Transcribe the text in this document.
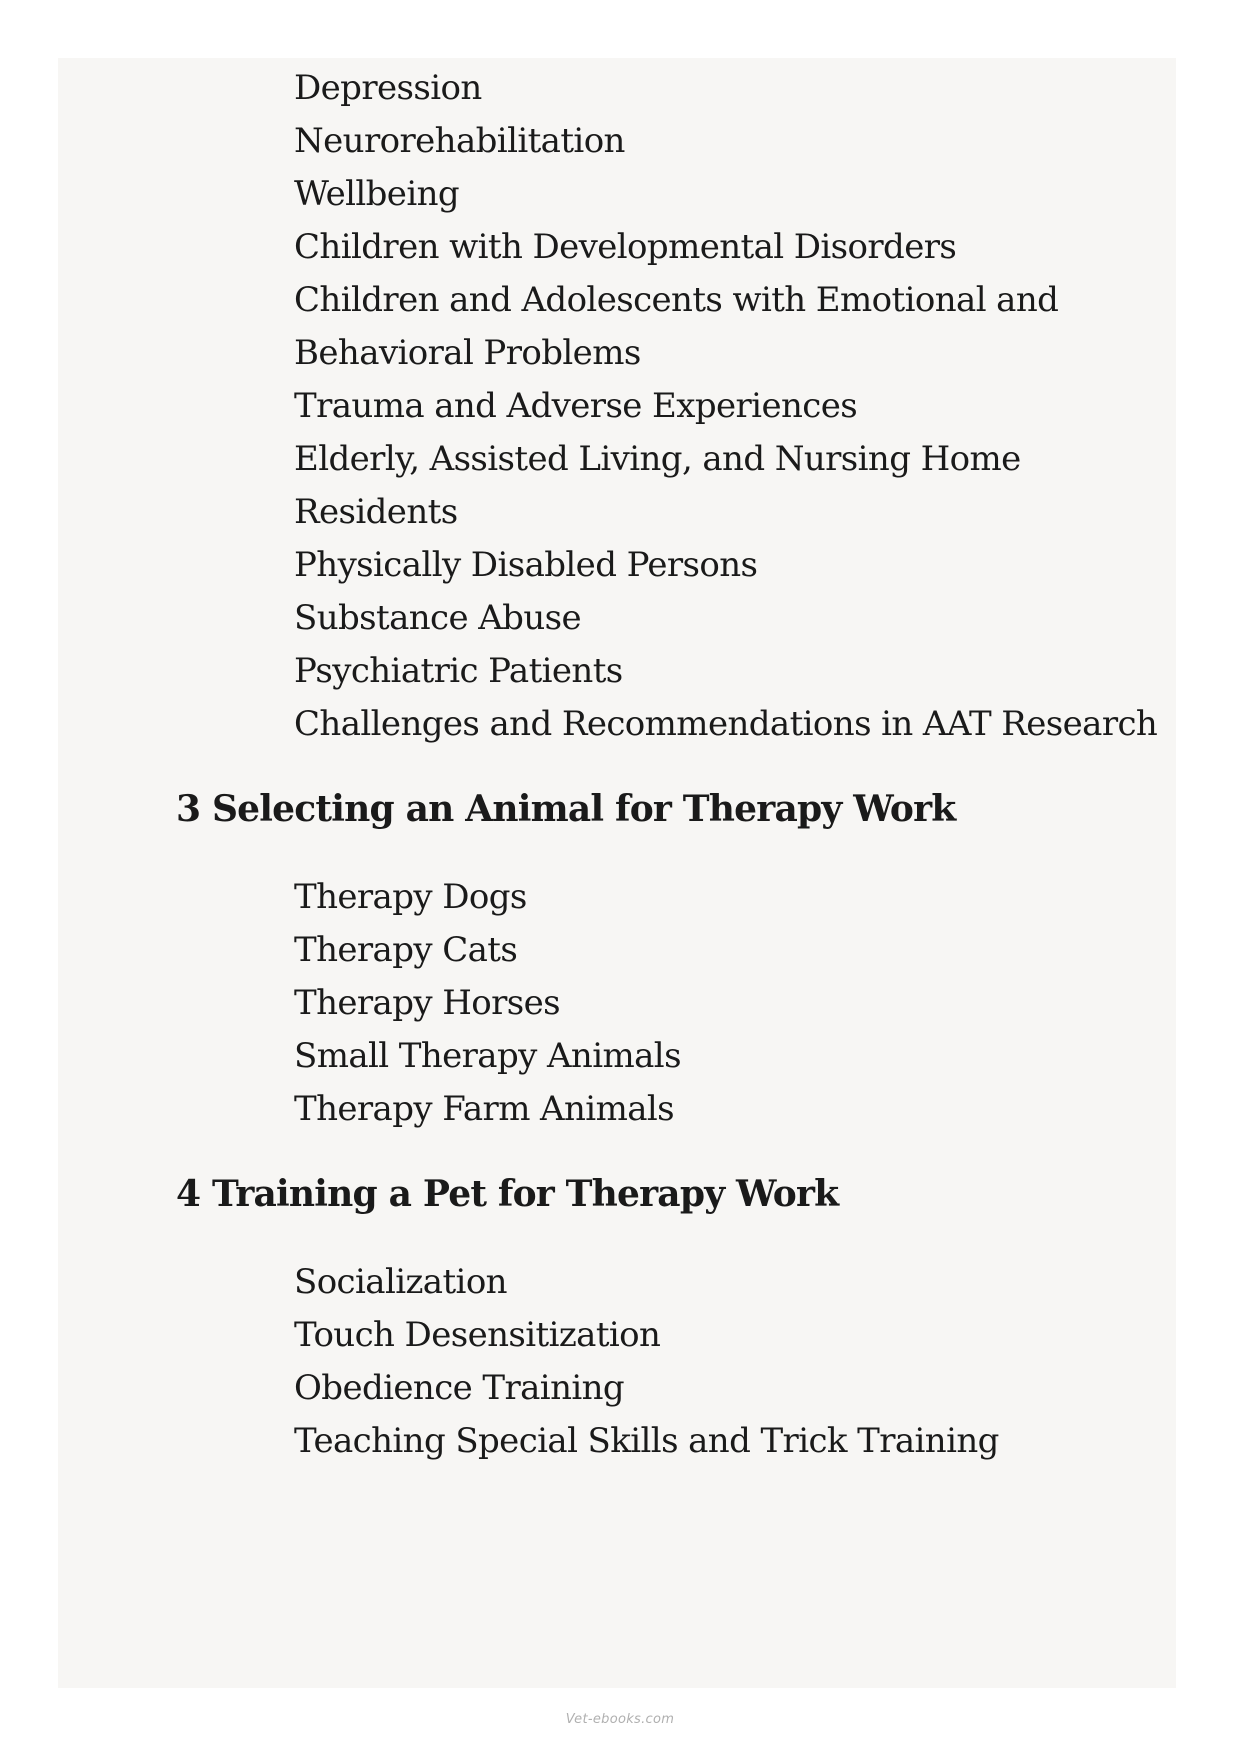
Depression
Neurorehabilitation
Wellbeing
Children with Developmental Disorders
Children and Adolescents with Emotional and
Behavioral Problems
Trauma and Adverse Experiences
Elderly, Assisted Living, and Nursing Home
Residents
Physically Disabled Persons
Substance Abuse
Psychiatric Patients
Challenges and Recommendations in AAT Research
3 Selecting an Animal for Therapy Work
Therapy Dogs
Therapy Cats
Therapy Horses
Small Therapy Animals
Therapy Farm Animals
4 Training a Pet for Therapy Work
Socialization
Touch Desensitization
Obedience Training
Teaching Special Skills and Trick Training
Vet-ebooks.com
